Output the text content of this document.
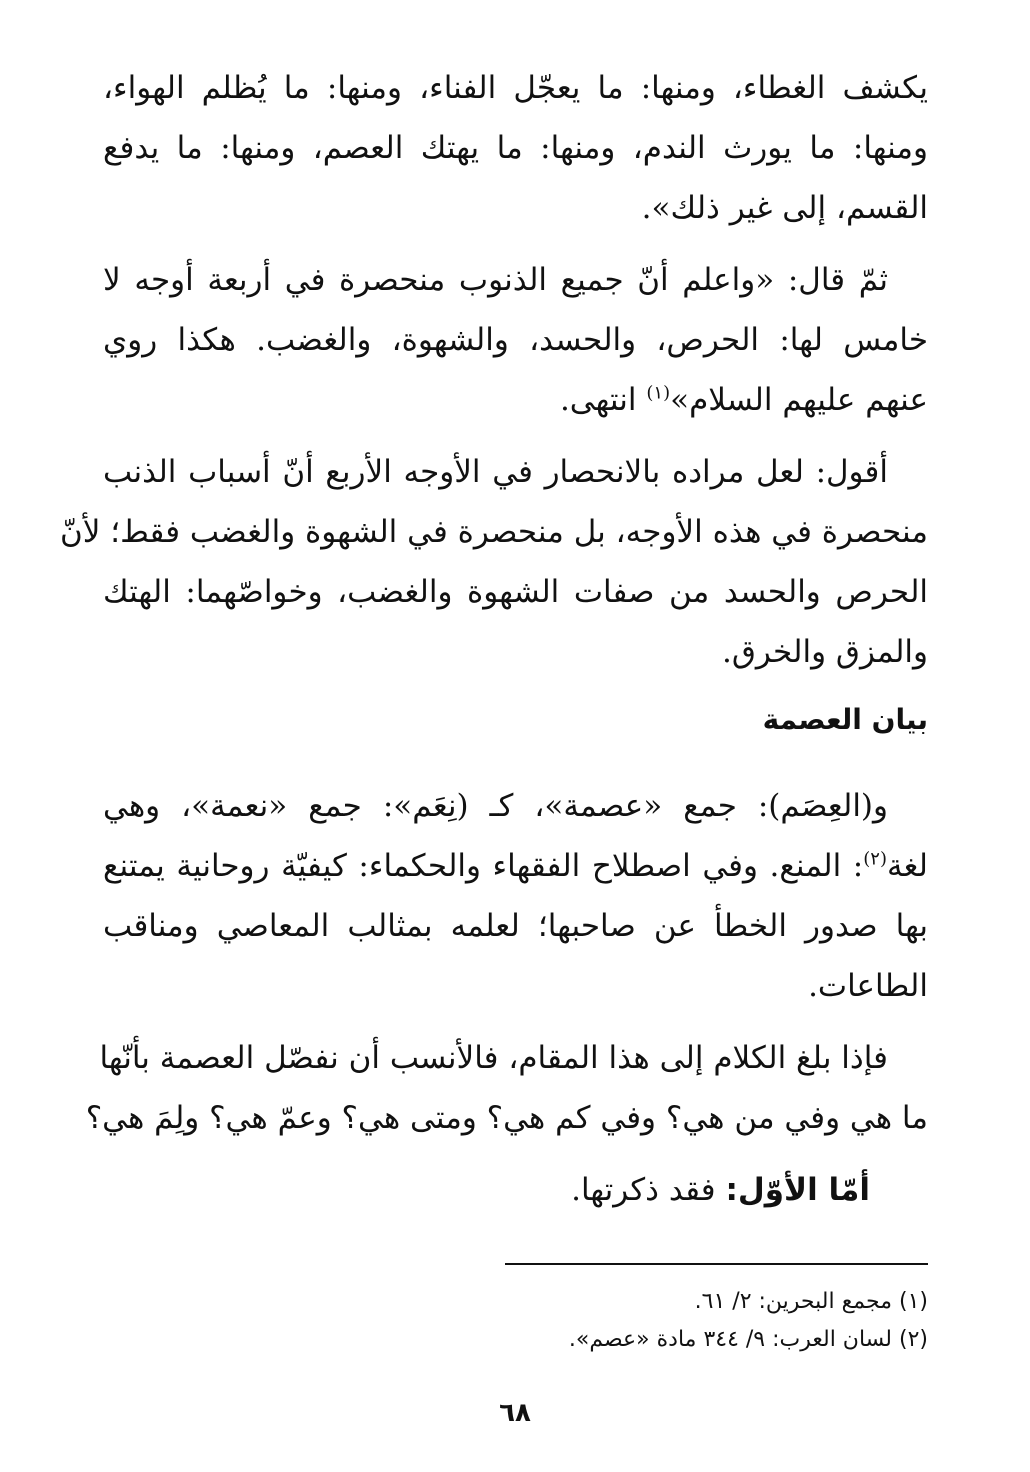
يكشف الغطاء، ومنها: ما يعجّل الفناء، ومنها: ما يُظلم الهواء،
ومنها: ما يورث الندم، ومنها: ما يهتك العصم، ومنها: ما يدفع
القسم، إلى غير ذلك».

ثمّ قال: «واعلم أنّ جميع الذنوب منحصرة في أربعة أوجه لا
خامس لها: الحرص، والحسد، والشهوة، والغضب. هكذا روي
عنهم عليهم السلام»$^{(١)}$ انتهى.

أقول: لعل مراده بالانحصار في الأوجه الأربع أنّ أسباب الذنب
منحصرة في هذه الأوجه، بل منحصرة في الشهوة والغضب فقط؛ لأنّ
الحرص والحسد من صفات الشهوة والغضب، وخواصّهما: الهتك
والمزق والخرق.

بيان العصمة

و(العِصَم): جمع «عصمة»، كـ (نِعَم»: جمع «نعمة»، وهي
لغة$^{(٢)}$: المنع. وفي اصطلاح الفقهاء والحكماء: كيفيّة روحانية يمتنع
بها صدور الخطأ عن صاحبها؛ لعلمه بمثالب المعاصي ومناقب
الطاعات.

فإذا بلغ الكلام إلى هذا المقام، فالأنسب أن نفصّل العصمة بأنّها
ما هي وفي من هي؟ وفي كم هي؟ ومتى هي؟ وعمّ هي؟ ولِمَ هي؟

أمّا الأوّل: فقد ذكرتها.
(١) مجمع البحرين: ٢/ ٦١.
(٢) لسان العرب: ٩/ ٣٤٤ مادة «عصم».
٦٨
